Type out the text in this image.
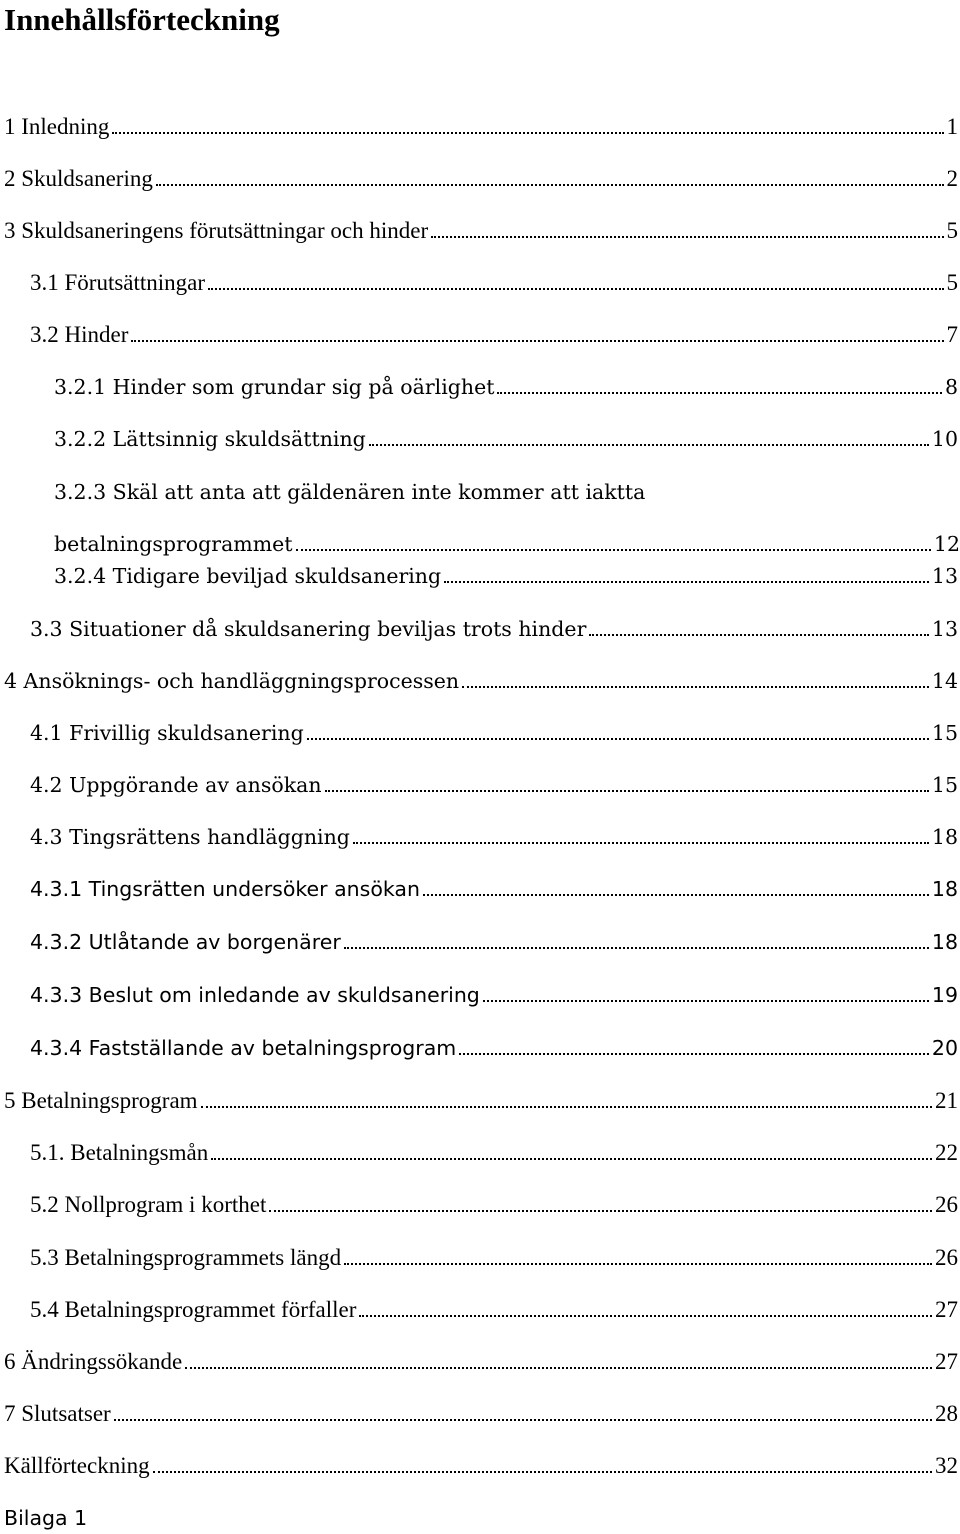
Innehållsförteckning
1 Inledning	1
2 Skuldsanering	2
3 Skuldsaneringens förutsättningar och hinder	5
3.1 Förutsättningar	5
3.2 Hinder	7
3.2.1 Hinder som grundar sig på oärlighet	8
3.2.2 Lättsinnig skuldsättning	10
3.2.3 Skäl att anta att gäldenären inte kommer att iaktta
betalningsprogrammet	12
3.2.4 Tidigare beviljad skuldsanering	13
3.3 Situationer då skuldsanering beviljas trots hinder	13
4 Ansöknings- och handläggningsprocessen	14
4.1 Frivillig skuldsanering	15
4.2 Uppgörande av ansökan	15
4.3 Tingsrättens handläggning	18
4.3.1 Tingsrätten undersöker ansökan	18
4.3.2 Utlåtande av borgenärer	18
4.3.3 Beslut om inledande av skuldsanering	19
4.3.4 Fastställande av betalningsprogram	20
5 Betalningsprogram	21
5.1. Betalningsmån	22
5.2 Nollprogram i korthet	26
5.3 Betalningsprogrammets längd	26
5.4 Betalningsprogrammet förfaller	27
6 Ändringssökande	27
7 Slutsatser	28
Källförteckning	32
Bilaga 1
